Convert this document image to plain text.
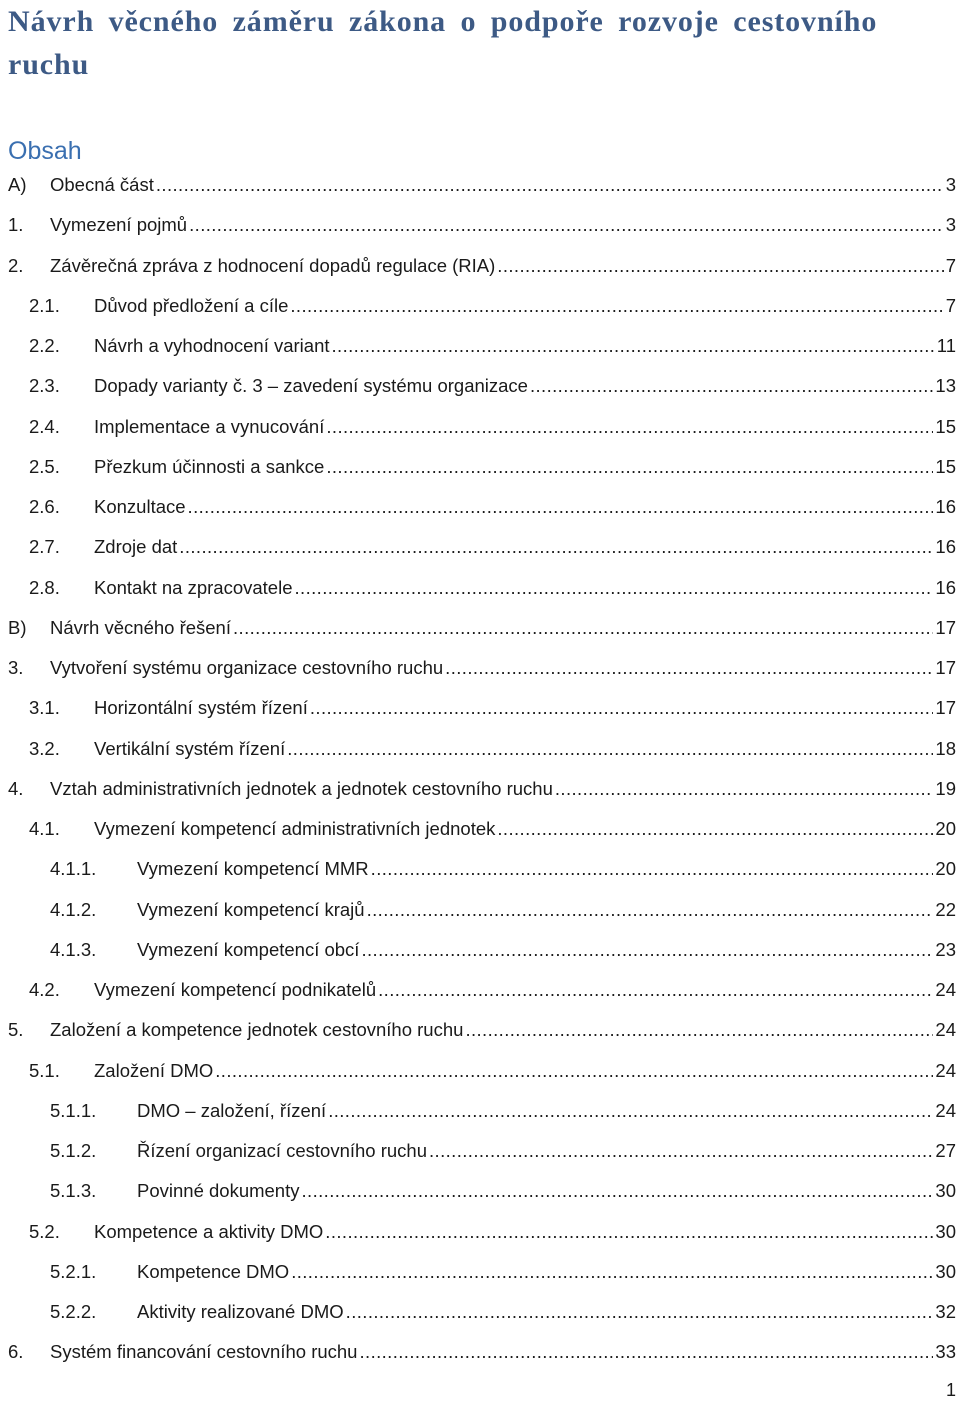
Návrh věcného záměru zákona o podpoře rozvoje cestovního ruchu
Obsah
A) Obecná část .....	3
1. Vymezení pojmů .....	3
2. Závěrečná zpráva z hodnocení dopadů regulace (RIA) .....	7
2.1. Důvod předložení a cíle .....	7
2.2. Návrh a vyhodnocení variant .....	11
2.3. Dopady varianty č. 3 – zavedení systému organizace .....	13
2.4. Implementace a vynucování .....	15
2.5. Přezkum účinnosti a sankce .....	15
2.6. Konzultace .....	16
2.7. Zdroje dat .....	16
2.8. Kontakt na zpracovatele .....	16
B) Návrh věcného řešení .....	17
3. Vytvoření systému organizace cestovního ruchu .....	17
3.1. Horizontální systém řízení .....	17
3.2. Vertikální systém řízení .....	18
4. Vztah administrativních jednotek a jednotek cestovního ruchu .....	19
4.1. Vymezení kompetencí administrativních jednotek .....	20
4.1.1. Vymezení kompetencí MMR .....	20
4.1.2. Vymezení kompetencí krajů .....	22
4.1.3. Vymezení kompetencí obcí .....	23
4.2. Vymezení kompetencí podnikatelů .....	24
5. Založení a kompetence jednotek cestovního ruchu .....	24
5.1. Založení DMO .....	24
5.1.1. DMO – založení, řízení .....	24
5.1.2. Řízení organizací cestovního ruchu .....	27
5.1.3. Povinné dokumenty .....	30
5.2. Kompetence a aktivity DMO .....	30
5.2.1. Kompetence DMO .....	30
5.2.2. Aktivity realizované DMO .....	32
6. Systém financování cestovního ruchu .....	33
1
